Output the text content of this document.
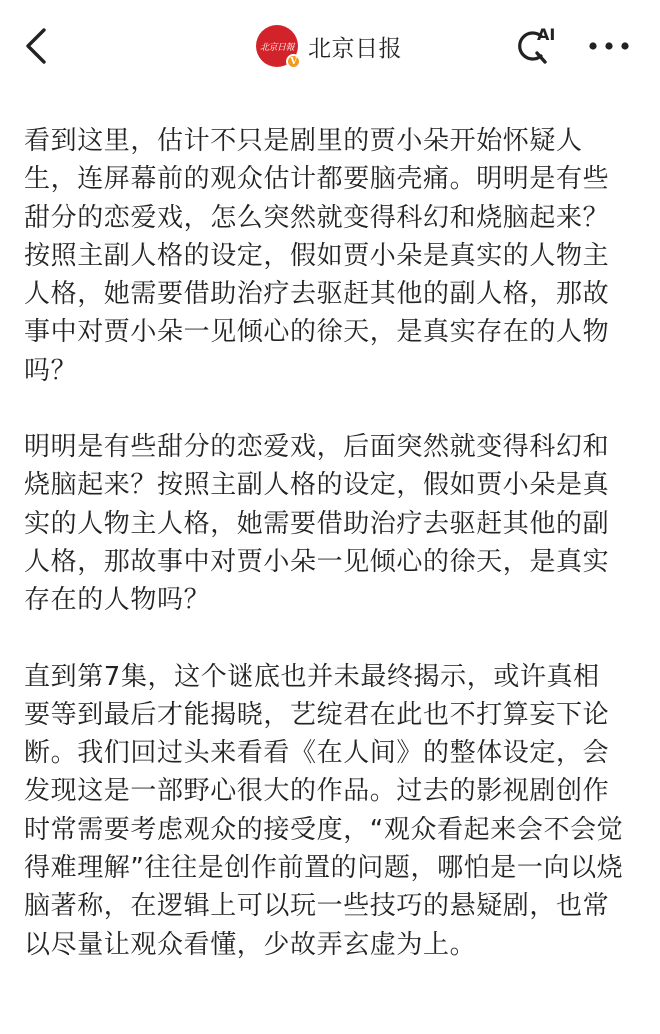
北京日報
V 北京日报
AI

看到这里，估计不只是剧里的贾小朵开始怀疑人生，连屏幕前的观众估计都要脑壳痛。明明是有些甜分的恋爱戏，怎么突然就变得科幻和烧脑起来？按照主副人格的设定，假如贾小朵是真实的人物主人格，她需要借助治疗去驱赶其他的副人格，那故事中对贾小朵一见倾心的徐天，是真实存在的人物吗？

明明是有些甜分的恋爱戏，后面突然就变得科幻和烧脑起来？按照主副人格的设定，假如贾小朵是真实的人物主人格，她需要借助治疗去驱赶其他的副人格，那故事中对贾小朵一见倾心的徐天，是真实存在的人物吗？

直到第7集，这个谜底也并未最终揭示，或许真相要等到最后才能揭晓，艺绽君在此也不打算妄下论断。我们回过头来看看《在人间》的整体设定，会发现这是一部野心很大的作品。过去的影视剧创作时常需要考虑观众的接受度，“观众看起来会不会觉得难理解”往往是创作前置的问题，哪怕是一向以烧脑著称，在逻辑上可以玩一些技巧的悬疑剧，也常以尽量让观众看懂，少故弄玄虚为上。
